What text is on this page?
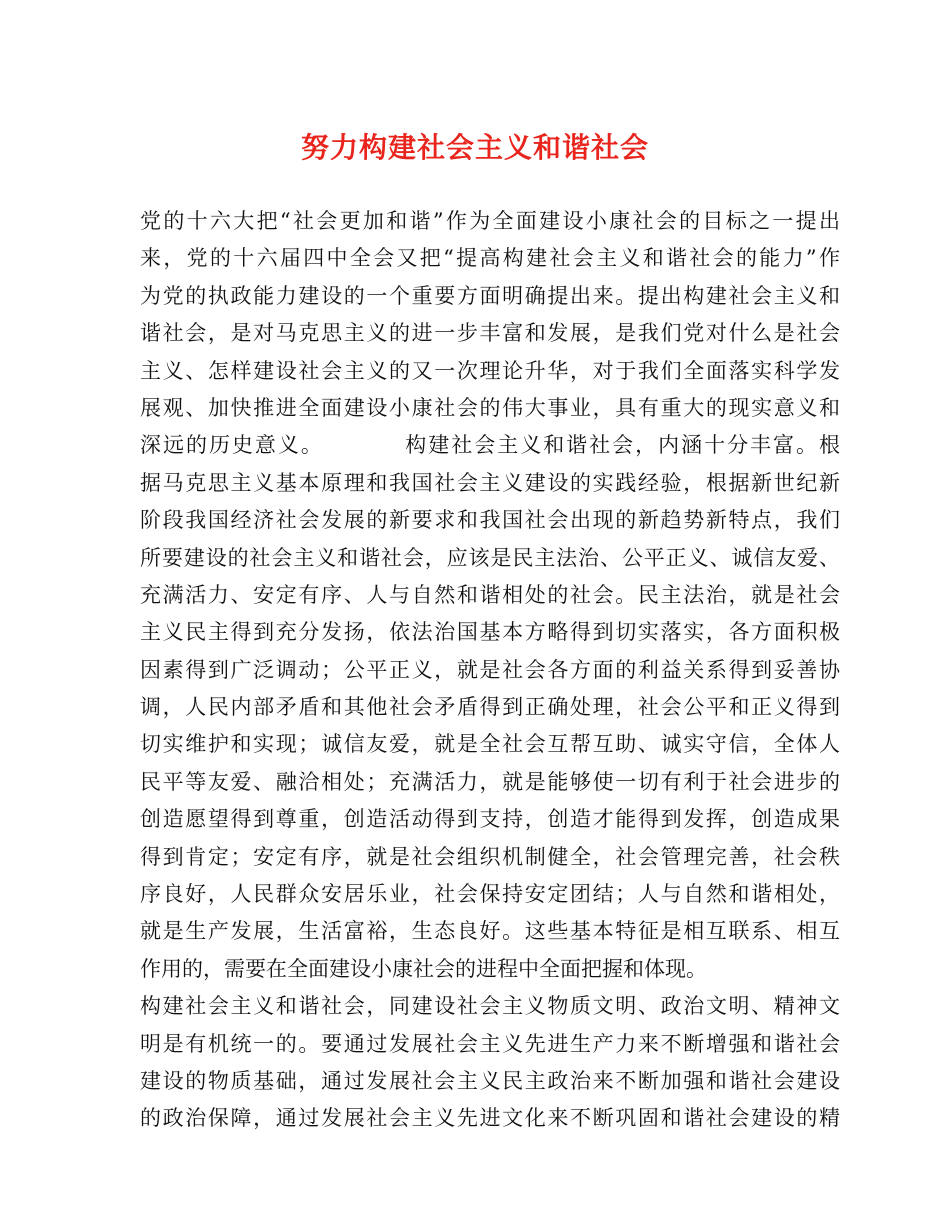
努力构建社会主义和谐社会
党的十六大把“社会更加和谐”作为全面建设小康社会的目标之一提出
来，党的十六届四中全会又把“提高构建社会主义和谐社会的能力”作
为党的执政能力建设的一个重要方面明确提出来。提出构建社会主义和
谐社会，是对马克思主义的进一步丰富和发展，是我们党对什么是社会
主义、怎样建设社会主义的又一次理论升华，对于我们全面落实科学发
展观、加快推进全面建设小康社会的伟大事业，具有重大的现实意义和
深远的历史意义。　　　　构建社会主义和谐社会，内涵十分丰富。根
据马克思主义基本原理和我国社会主义建设的实践经验，根据新世纪新
阶段我国经济社会发展的新要求和我国社会出现的新趋势新特点，我们
所要建设的社会主义和谐社会，应该是民主法治、公平正义、诚信友爱、
充满活力、安定有序、人与自然和谐相处的社会。民主法治，就是社会
主义民主得到充分发扬，依法治国基本方略得到切实落实，各方面积极
因素得到广泛调动；公平正义，就是社会各方面的利益关系得到妥善协
调，人民内部矛盾和其他社会矛盾得到正确处理，社会公平和正义得到
切实维护和实现；诚信友爱，就是全社会互帮互助、诚实守信，全体人
民平等友爱、融洽相处；充满活力，就是能够使一切有利于社会进步的
创造愿望得到尊重，创造活动得到支持，创造才能得到发挥，创造成果
得到肯定；安定有序，就是社会组织机制健全，社会管理完善，社会秩
序良好，人民群众安居乐业，社会保持安定团结；人与自然和谐相处，
就是生产发展，生活富裕，生态良好。这些基本特征是相互联系、相互
作用的，需要在全面建设小康社会的进程中全面把握和体现。
构建社会主义和谐社会，同建设社会主义物质文明、政治文明、精神文
明是有机统一的。要通过发展社会主义先进生产力来不断增强和谐社会
建设的物质基础，通过发展社会主义民主政治来不断加强和谐社会建设
的政治保障，通过发展社会主义先进文化来不断巩固和谐社会建设的精
